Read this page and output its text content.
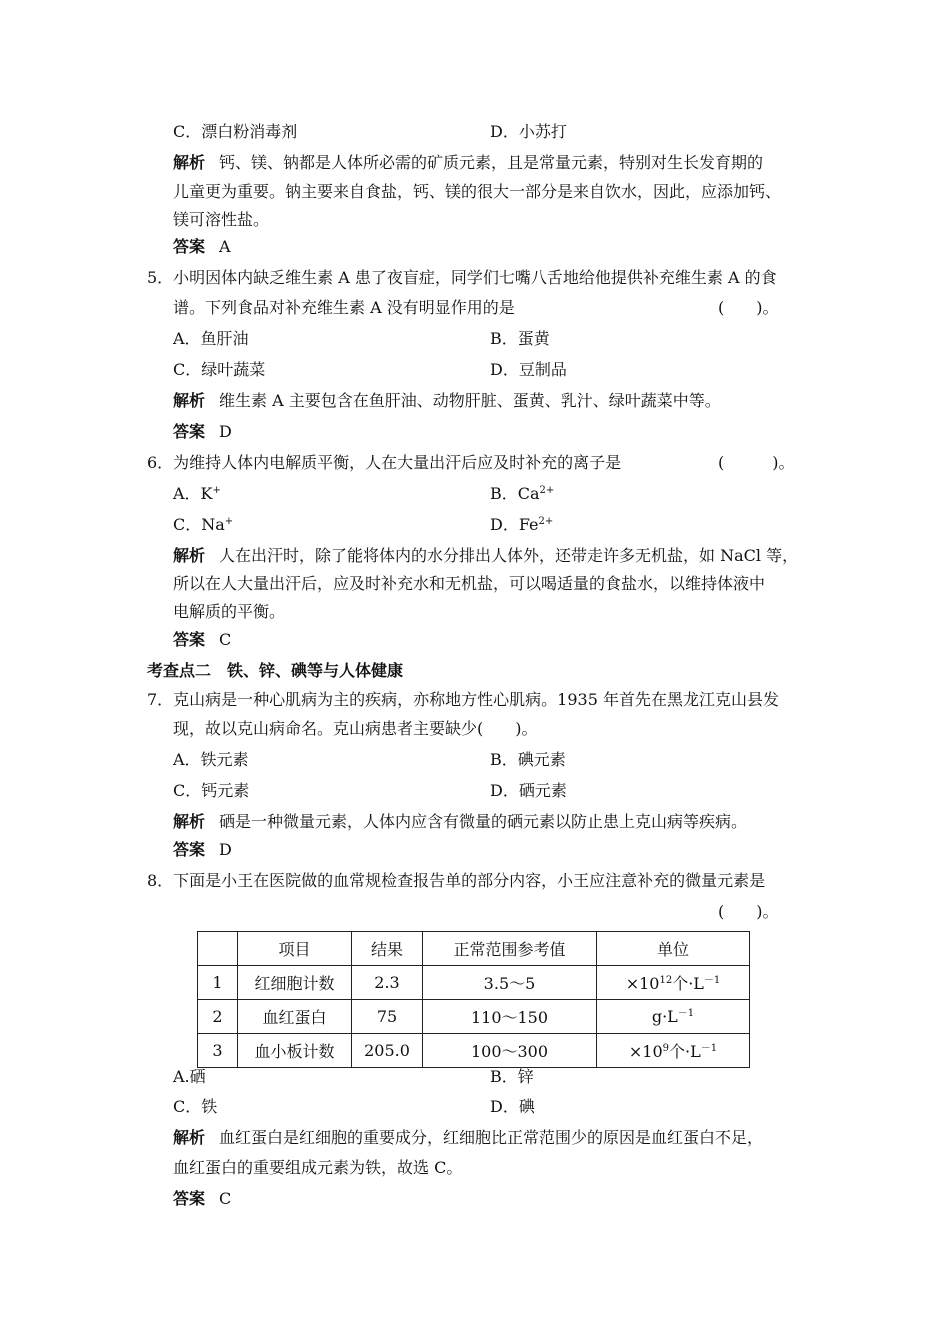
C．漂白粉消毒剂	D．小苏打
解析 钙、镁、钠都是人体所必需的矿质元素，且是常量元素，特别对生长发育期的
儿童更为重要。钠主要来自食盐，钙、镁的很大一部分是来自饮水，因此，应添加钙、
镁可溶性盐。
答案 A
5．小明因体内缺乏维生素 A 患了夜盲症，同学们七嘴八舌地给他提供补充维生素 A 的食
谱。下列食品对补充维生素 A 没有明显作用的是	(　　)。
A．鱼肝油	B．蛋黄
C．绿叶蔬菜	D．豆制品
解析 维生素 A 主要包含在鱼肝油、动物肝脏、蛋黄、乳汁、绿叶蔬菜中等。
答案 D
6．为维持人体内电解质平衡，人在大量出汗后应及时补充的离子是	(　　　)。
A．K+	B．$Ca^{2+}$
C．Na+	D．$Fe^{2+}$
解析 人在出汗时，除了能将体内的水分排出人体外，还带走许多无机盐，如 NaCl 等，
所以在人大量出汗后，应及时补充水和无机盐，可以喝适量的食盐水，以维持体液中
电解质的平衡。
答案 C
考查点二　铁、锌、碘等与人体健康
7．克山病是一种心肌病为主的疾病，亦称地方性心肌病。1935 年首先在黑龙江克山县发
现，故以克山病命名。克山病患者主要缺少(　　)。
A．铁元素	B．碘元素
C．钙元素	D．硒元素
解析 硒是一种微量元素，人体内应含有微量的硒元素以防止患上克山病等疾病。
答案 D
8．下面是小王在医院做的血常规检查报告单的部分内容，小王应注意补充的微量元素是
(　　)。
	项目	结果	正常范围参考值	单位
1	红细胞计数	2.3	3.5～5	$\times 10^{12}$个$\cdot L^{-1}$
2	血红蛋白	75	110～150	$g\cdot L^{-1}$
3	血小板计数	205.0	100～300	$\times 10^9$个$\cdot L^{-1}$
A.硒	B．锌
C．铁	D．碘
解析 血红蛋白是红细胞的重要成分，红细胞比正常范围少的原因是血红蛋白不足，
血红蛋白的重要组成元素为铁，故选 C。
答案 C
